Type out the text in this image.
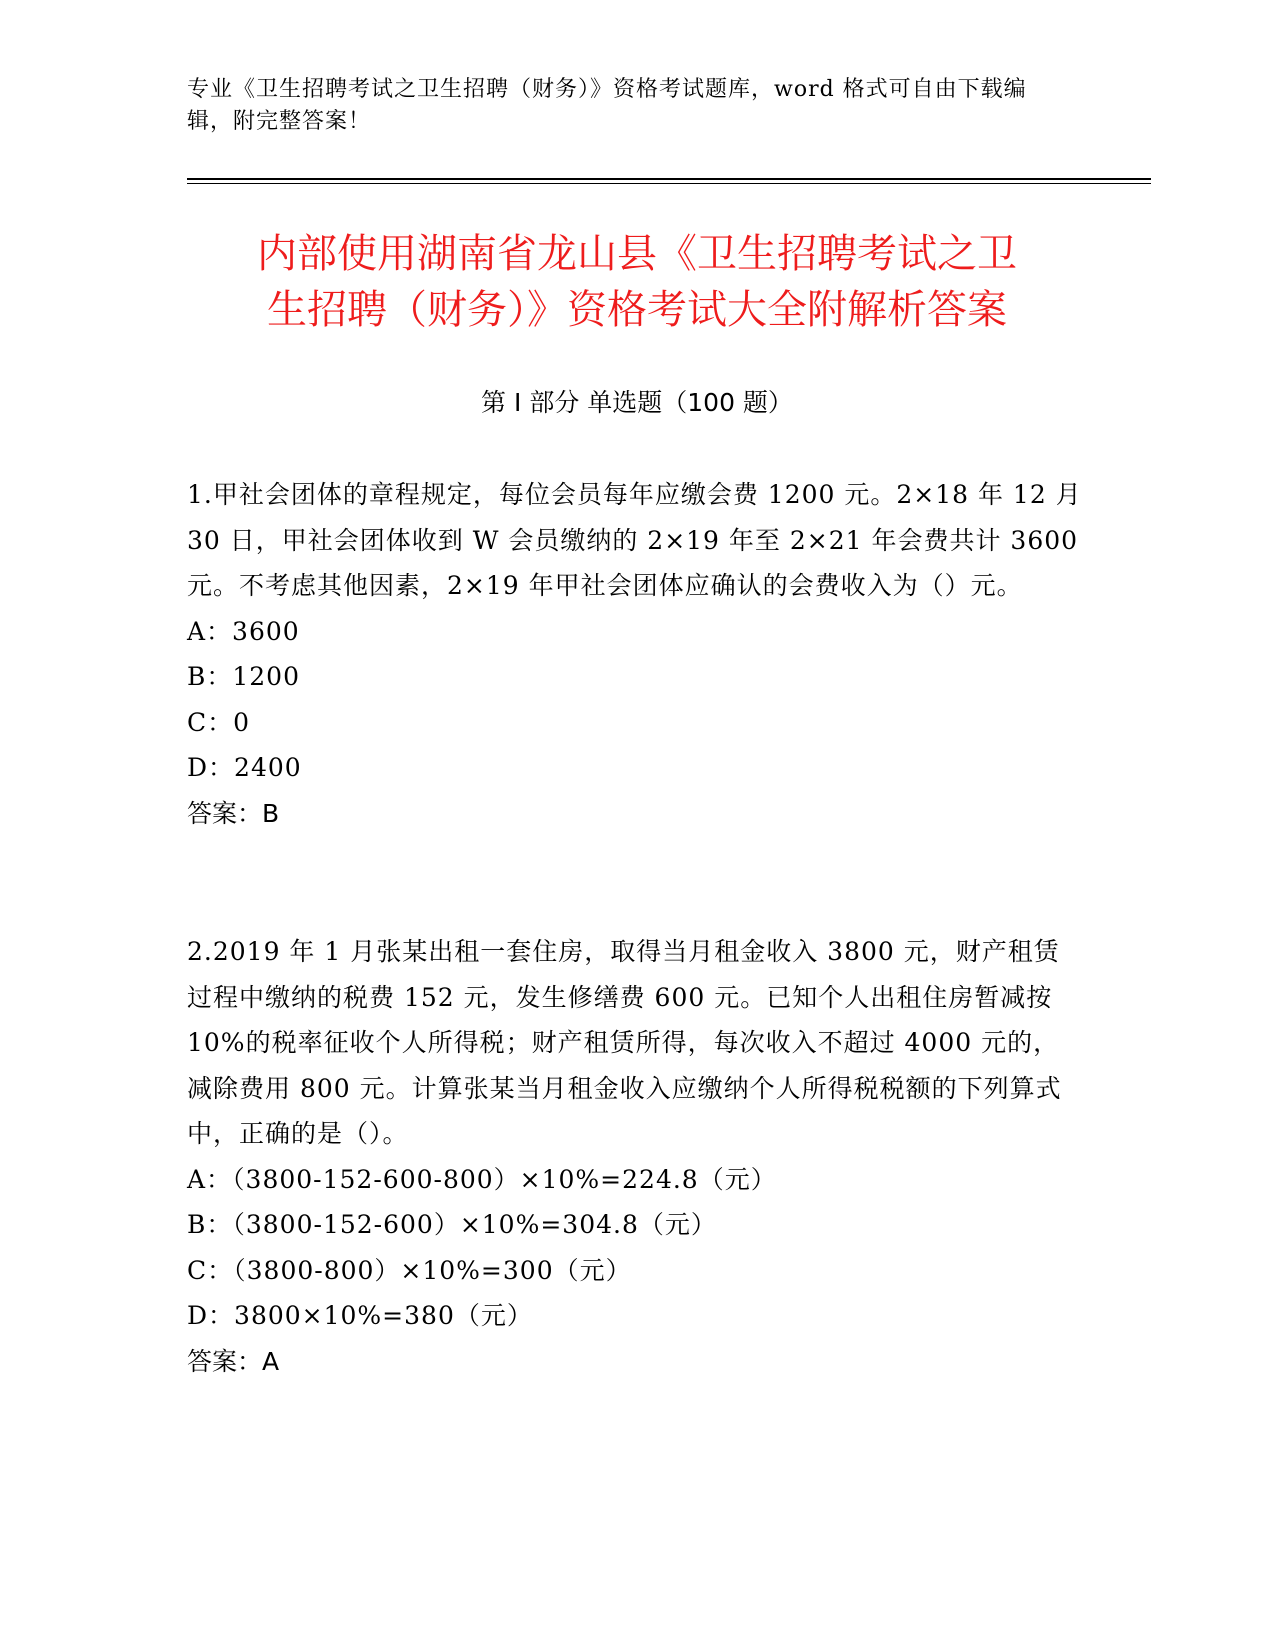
专业《卫生招聘考试之卫生招聘（财务）》资格考试题库，word 格式可自由下载编辑，附完整答案！
内部使用湖南省龙山县《卫生招聘考试之卫
生招聘（财务）》资格考试大全附解析答案
第 I 部分 单选题（100 题）

1.甲社会团体的章程规定，每位会员每年应缴会费 1200 元。2×18 年 12 月 30 日，甲社会团体收到 W 会员缴纳的 2×19 年至 2×21 年会费共计 3600 元。不考虑其他因素，2×19 年甲社会团体应确认的会费收入为（）元。

A：3600

B：1200

C：0

D：2400

答案：B

2.2019 年 1 月张某出租一套住房，取得当月租金收入 3800 元，财产租赁过程中缴纳的税费 152 元，发生修缮费 600 元。已知个人出租住房暂减按 10%的税率征收个人所得税；财产租赁所得，每次收入不超过 4000 元的，减除费用 800 元。计算张某当月租金收入应缴纳个人所得税税额的下列算式中，正确的是（）。

A：（3800-152-600-800）×10%=224.8（元）

B：（3800-152-600）×10%=304.8（元）

C：（3800-800）×10%=300（元）

D：3800×10%=380（元）

答案：A
